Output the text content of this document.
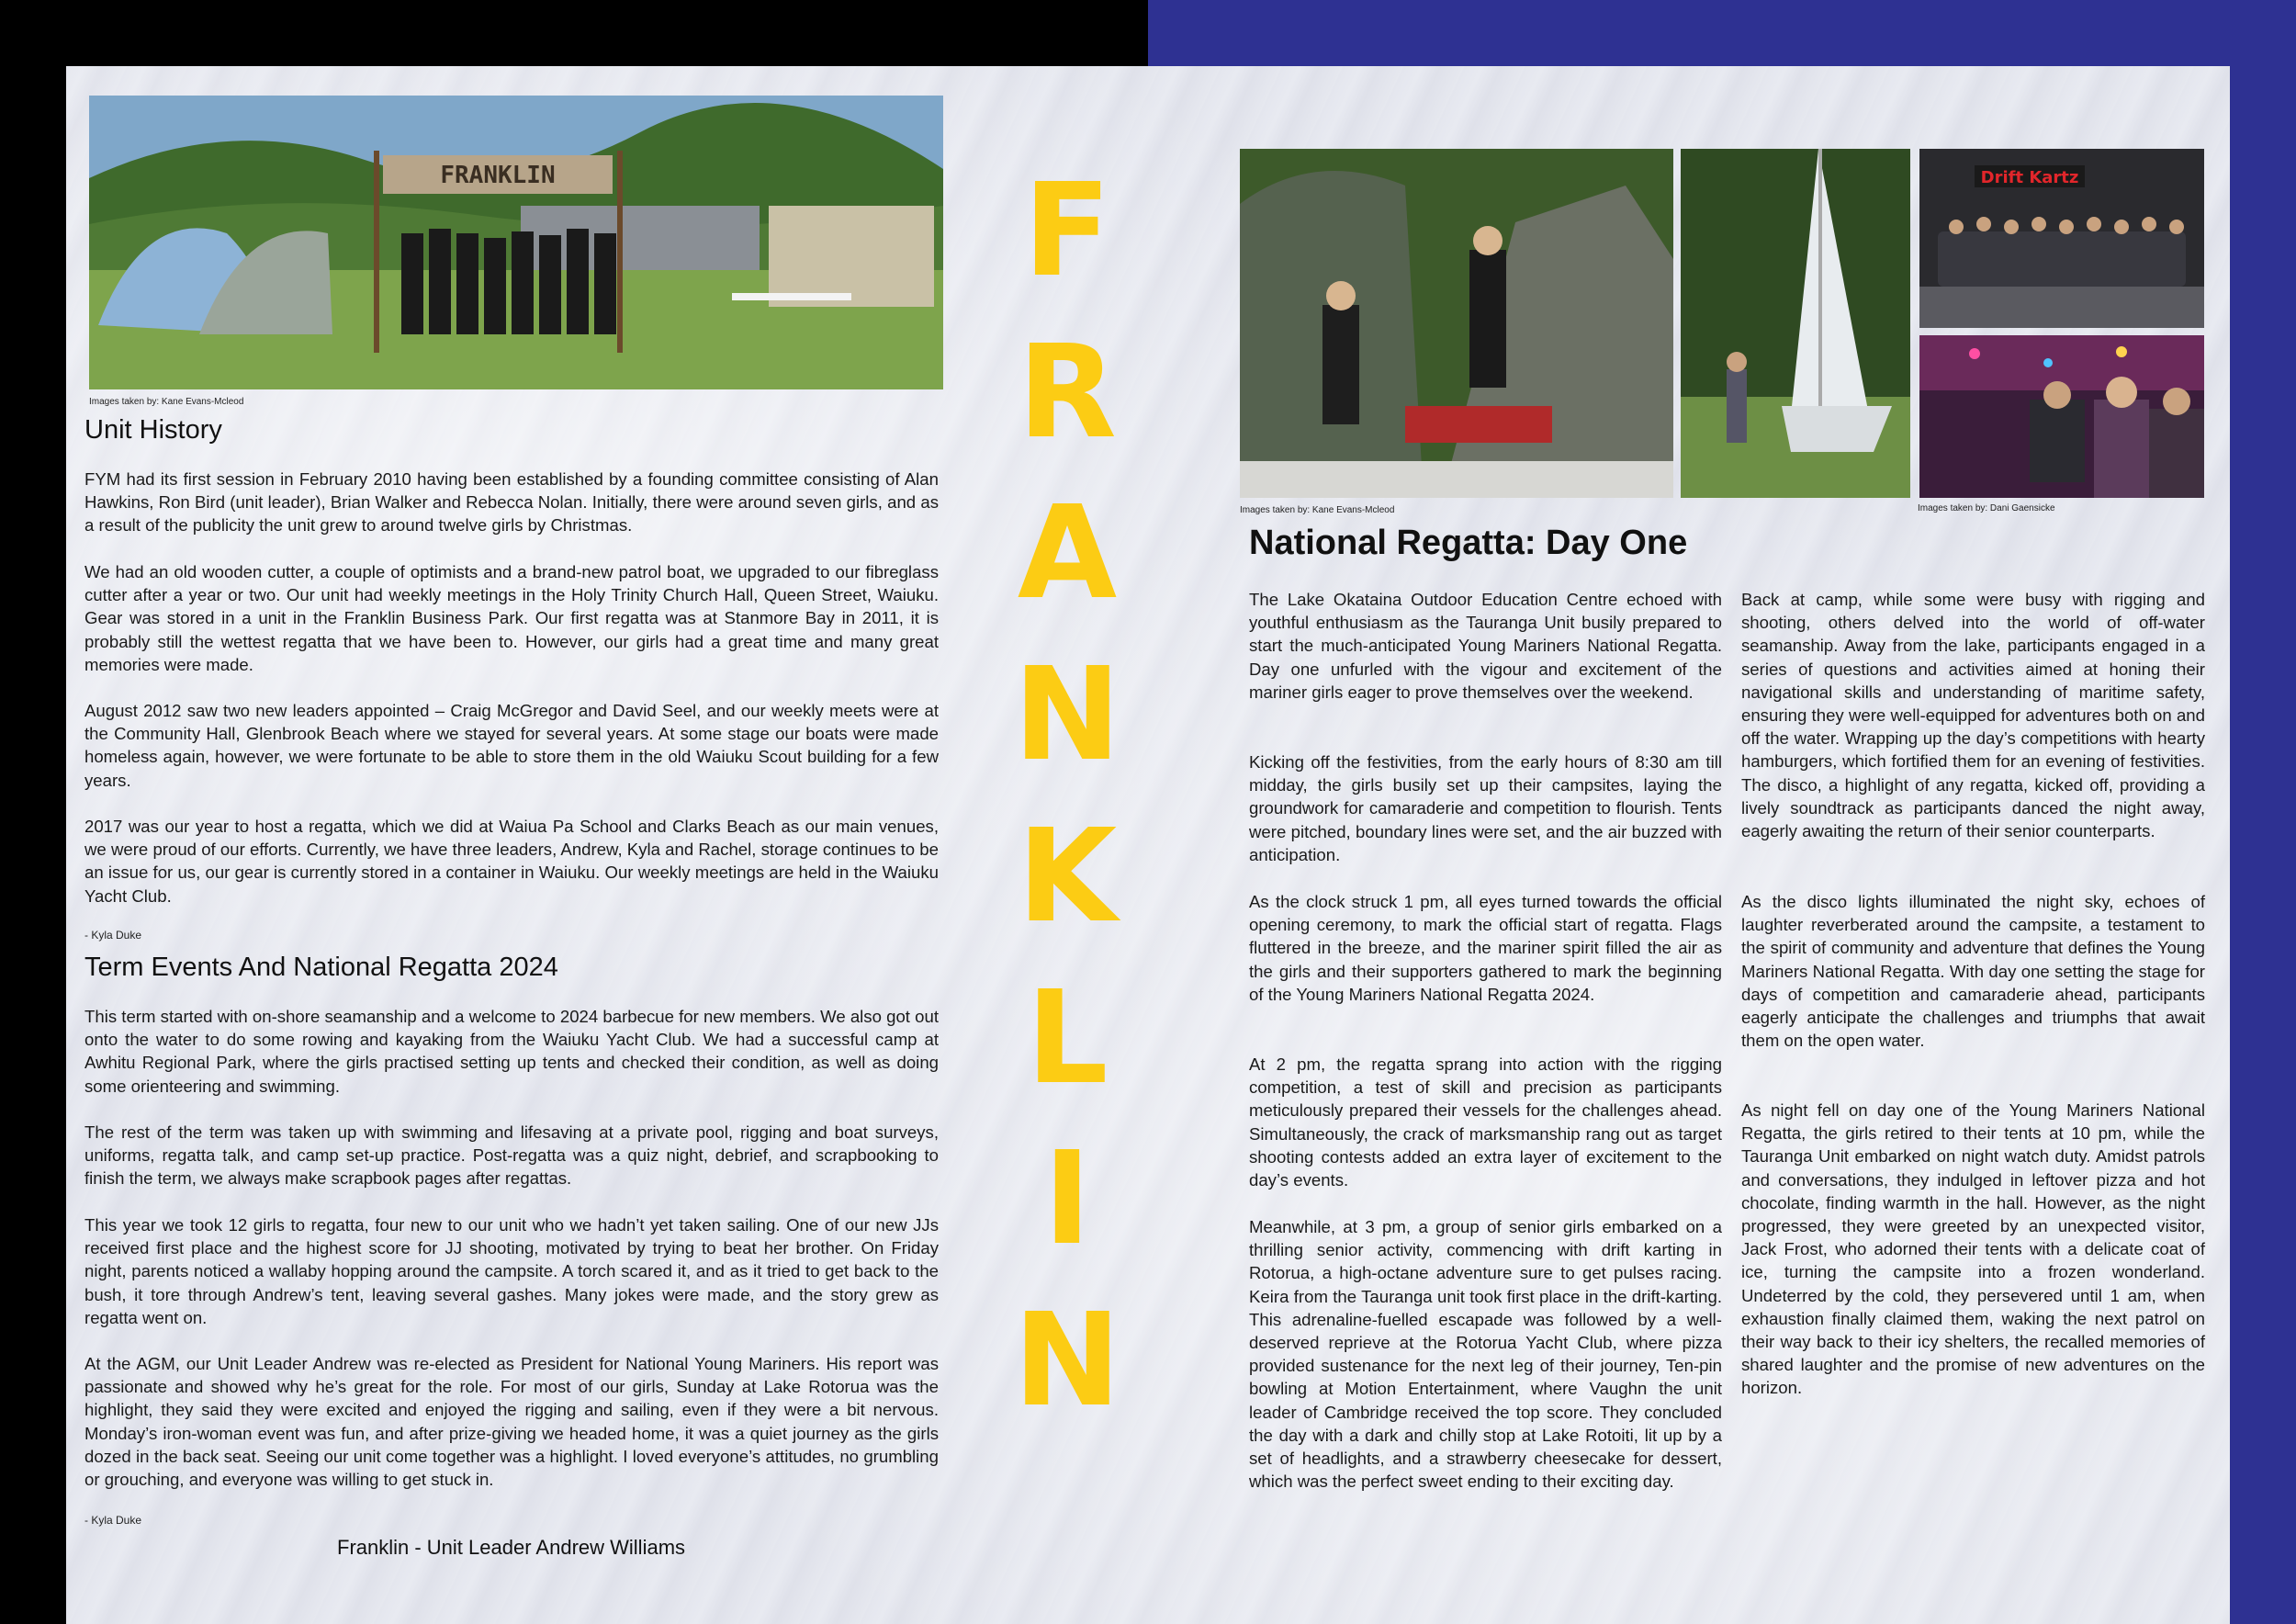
FRANKLIN
Images taken by: Kane Evans-Mcleod
Unit History

FYM had its first session in February 2010 having been established by a founding committee consisting of Alan Hawkins, Ron Bird (unit leader), Brian Walker and Rebecca Nolan. Initially, there were around seven girls, and as a result of the publicity the unit grew to around twelve girls by Christmas.

We had an old wooden cutter, a couple of optimists and a brand-new patrol boat, we upgraded to our fibreglass cutter after a year or two. Our unit had weekly meetings in the Holy Trinity Church Hall, Queen Street, Waiuku. Gear was stored in a unit in the Franklin Business Park. Our first regatta was at Stanmore Bay in 2011, it is probably still the wettest regatta that we have been to. However, our girls had a great time and many great memories were made.

August 2012 saw two new leaders appointed – Craig McGregor and David Seel, and our weekly meets were at the Community Hall, Glenbrook Beach where we stayed for several years. At some stage our boats were made homeless again, however, we were fortunate to be able to store them in the old Waiuku Scout building for a few years.

2017 was our year to host a regatta, which we did at Waiua Pa School and Clarks Beach as our main venues, we were proud of our efforts. Currently, we have three leaders, Andrew, Kyla and Rachel, storage continues to be an issue for us, our gear is currently stored in a container in Waiuku. Our weekly meetings are held in the Waiuku Yacht Club.

- Kyla Duke
Term Events And National Regatta 2024

This term started with on-shore seamanship and a welcome to 2024 barbecue for new members. We also got out onto the water to do some rowing and kayaking from the Waiuku Yacht Club. We had a successful camp at Awhitu Regional Park, where the girls practised setting up tents and checked their condition, as well as doing some orienteering and swimming.

The rest of the term was taken up with swimming and lifesaving at a private pool, rigging and boat surveys, uniforms, regatta talk, and camp set-up practice. Post-regatta was a quiz night, debrief, and scrapbooking to finish the term, we always make scrapbook pages after regattas.

This year we took 12 girls to regatta, four new to our unit who we hadn’t yet taken sailing. One of our new JJs received first place and the highest score for JJ shooting, motivated by trying to beat her brother. On Friday night, parents noticed a wallaby hopping around the campsite. A torch scared it, and as it tried to get back to the bush, it tore through Andrew’s tent, leaving several gashes. Many jokes were made, and the story grew as regatta went on.

At the AGM, our Unit Leader Andrew was re-elected as President for National Young Mariners. His report was passionate and showed why he’s great for the role. For most of our girls, Sunday at Lake Rotorua was the highlight, they said they were excited and enjoyed the rigging and sailing, even if they were a bit nervous. Monday’s iron-woman event was fun, and after prize-giving we headed home, it was a quiet journey as the girls dozed in the back seat. Seeing our unit come together was a highlight. I loved everyone’s attitudes, no grumbling or grouching, and everyone was willing to get stuck in.

- Kyla Duke
Franklin - Unit Leader Andrew Williams
F
R
A
N
K
L
I
N
Drift Kartz
Images taken by: Kane Evans-Mcleod	Images taken by: Dani Gaensicke
National Regatta: Day One

The Lake Okataina Outdoor Education Centre echoed with youthful enthusiasm as the Tauranga Unit busily prepared to start the much-anticipated Young Mariners National Regatta. Day one unfurled with the vigour and excitement of the mariner girls eager to prove themselves over the weekend.

Kicking off the festivities, from the early hours of 8:30 am till midday, the girls busily set up their campsites, laying the groundwork for camaraderie and competition to flourish. Tents were pitched, boundary lines were set, and the air buzzed with anticipation.

As the clock struck 1 pm, all eyes turned towards the official opening ceremony, to mark the official start of regatta. Flags fluttered in the breeze, and the mariner spirit filled the air as the girls and their supporters gathered to mark the beginning of the Young Mariners National Regatta 2024.

At 2 pm, the regatta sprang into action with the rigging competition, a test of skill and precision as participants meticulously prepared their vessels for the challenges ahead. Simultaneously, the crack of marksmanship rang out as target shooting contests added an extra layer of excitement to the day’s events.

Meanwhile, at 3 pm, a group of senior girls embarked on a thrilling senior activity, commencing with drift karting in Rotorua, a high-octane adventure sure to get pulses racing. Keira from the Tauranga unit took first place in the drift-karting. This adrenaline-fuelled escapade was followed by a well-deserved reprieve at the Rotorua Yacht Club, where pizza provided sustenance for the next leg of their journey, Ten-pin bowling at Motion Entertainment, where Vaughn the unit leader of Cambridge received the top score. They concluded the day with a dark and chilly stop at Lake Rotoiti, lit up by a set of headlights, and a strawberry cheesecake for dessert, which was the perfect sweet ending to their exciting day.

Back at camp, while some were busy with rigging and shooting, others delved into the world of off-water seamanship. Away from the lake, participants engaged in a series of questions and activities aimed at honing their navigational skills and understanding of maritime safety, ensuring they were well-equipped for adventures both on and off the water. Wrapping up the day’s competitions with hearty hamburgers, which fortified them for an evening of festivities. The disco, a highlight of any regatta, kicked off, providing a lively soundtrack as participants danced the night away, eagerly awaiting the return of their senior counterparts.

As the disco lights illuminated the night sky, echoes of laughter reverberated around the campsite, a testament to the spirit of community and adventure that defines the Young Mariners National Regatta. With day one setting the stage for days of competition and camaraderie ahead, participants eagerly anticipate the challenges and triumphs that await them on the open water.

As night fell on day one of the Young Mariners National Regatta, the girls retired to their tents at 10 pm, while the Tauranga Unit embarked on night watch duty. Amidst patrols and conversations, they indulged in leftover pizza and hot chocolate, finding warmth in the hall. However, as the night progressed, they were greeted by an unexpected visitor, Jack Frost, who adorned their tents with a delicate coat of ice, turning the campsite into a frozen wonderland. Undeterred by the cold, they persevered until 1 am, when exhaustion finally claimed them, waking the next patrol on their way back to their icy shelters, the recalled memories of shared laughter and the promise of new adventures on the horizon.
